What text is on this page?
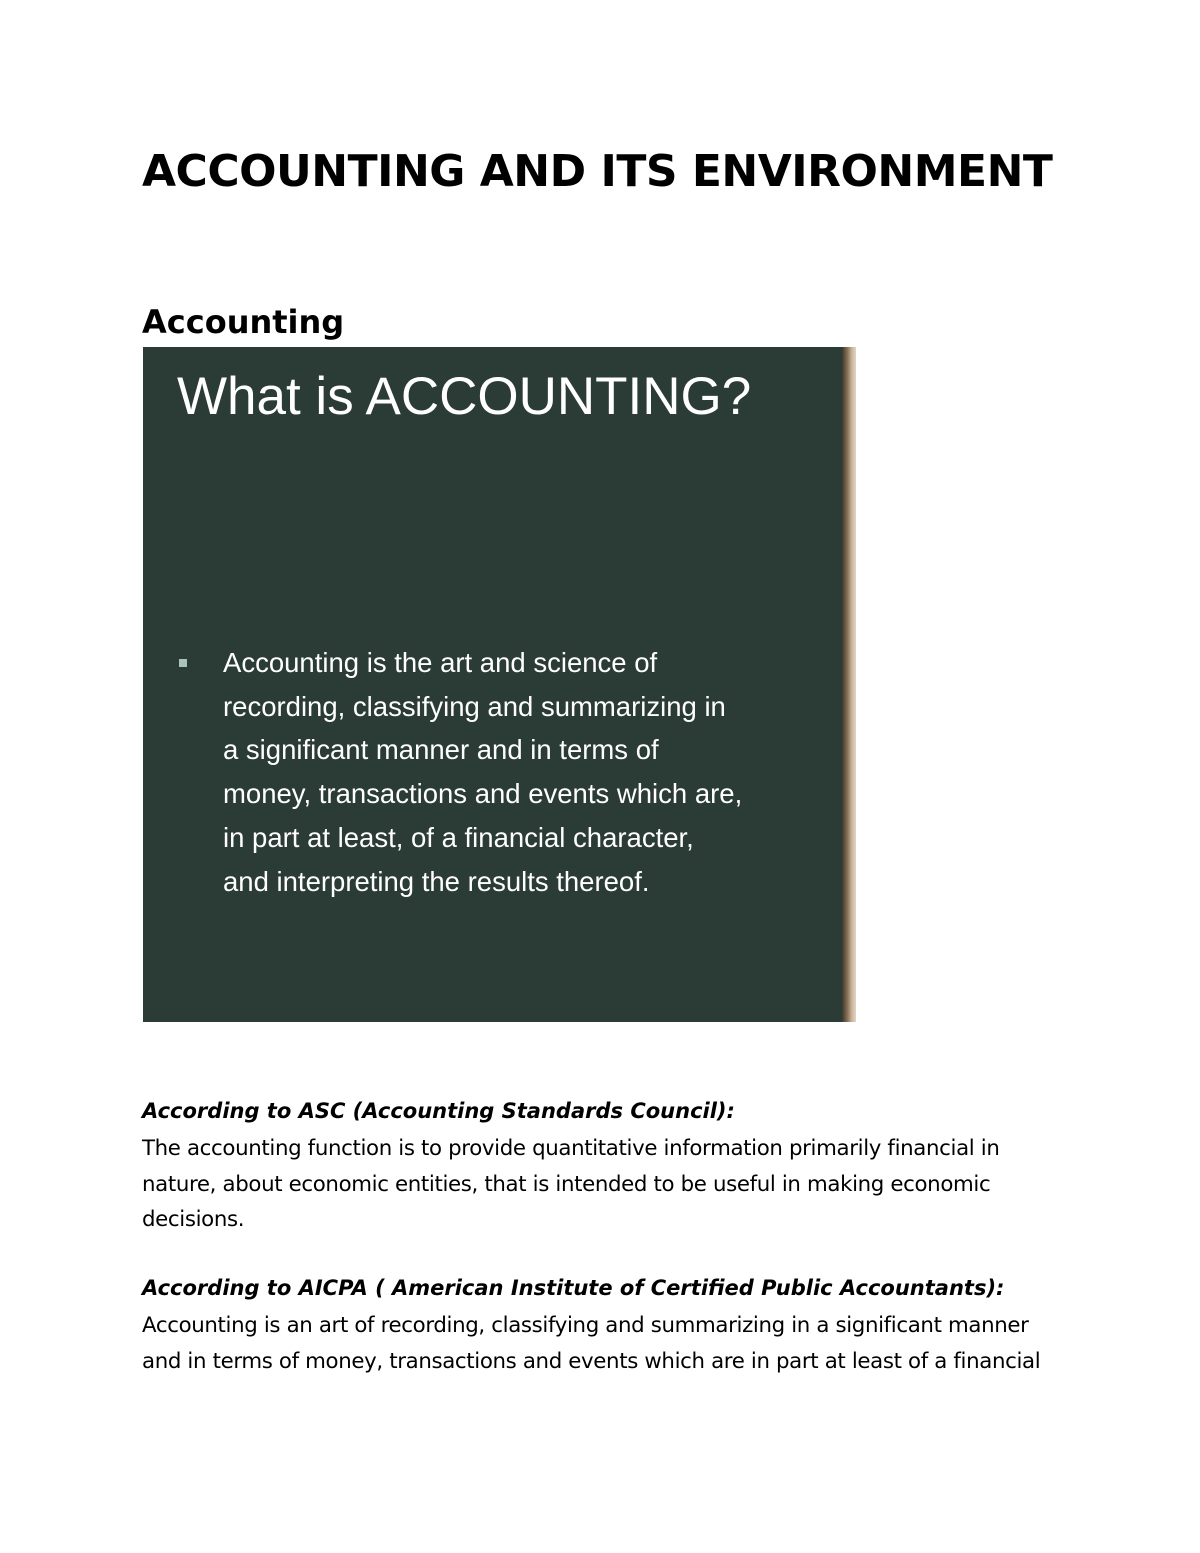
ACCOUNTING AND ITS ENVIRONMENT
Accounting
What is ACCOUNTING?

Accounting is the art and science of recording, classifying and summarizing in a significant manner and in terms of money, transactions and events which are, in part at least, of a financial character, and interpreting the results thereof.

According to ASC (Accounting Standards Council):

The accounting function is to provide quantitative information primarily financial in nature, about economic entities, that is intended to be useful in making economic decisions.

According to AICPA ( American Institute of Certified Public Accountants):

Accounting is an art of recording, classifying and summarizing in a significant manner and in terms of money, transactions and events which are in part at least of a financial
